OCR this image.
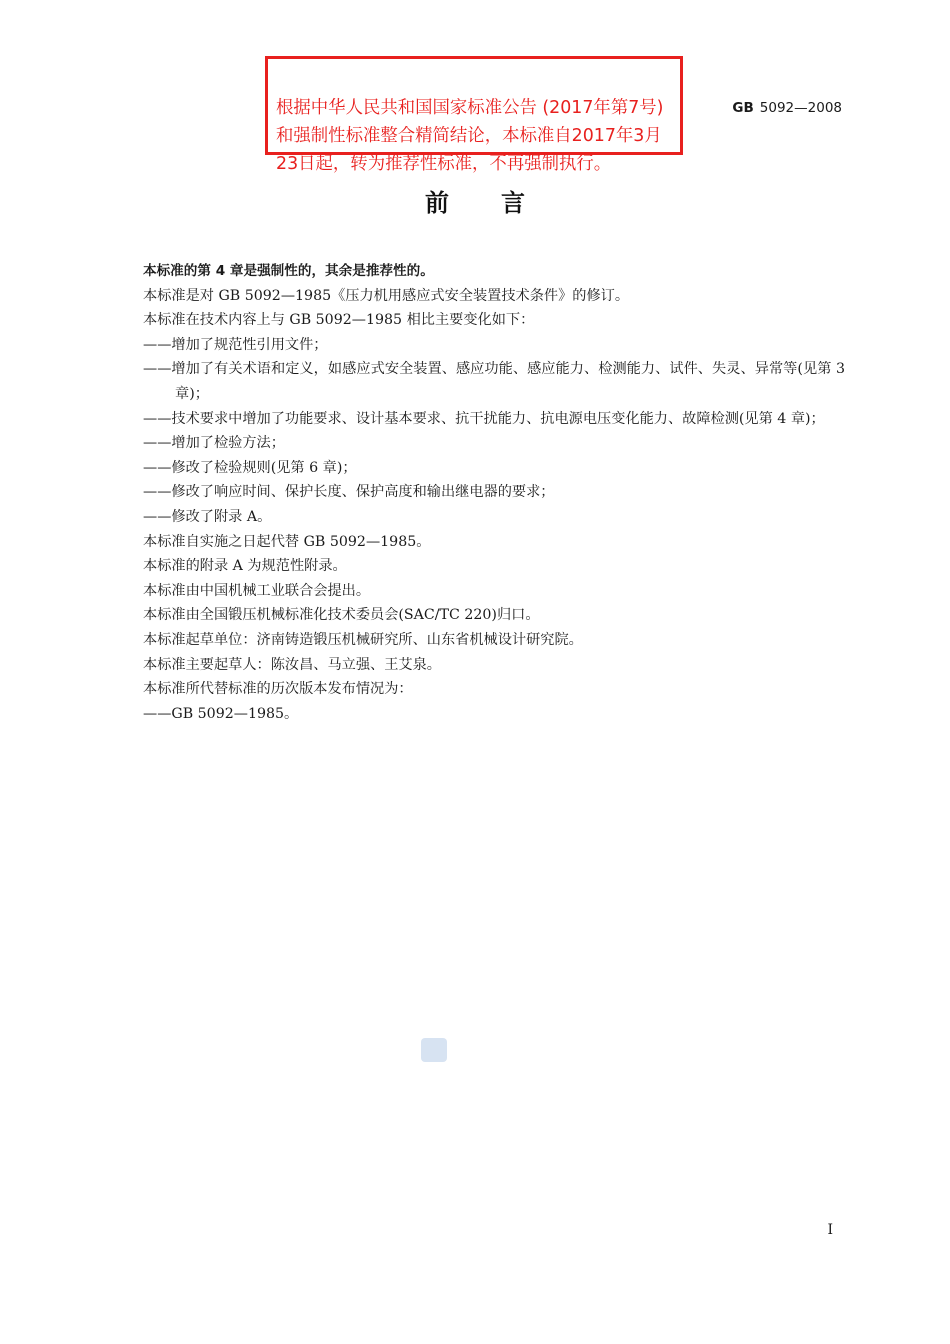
根据中华人民共和国国家标准公告 (2017年第7号) 和强制性标准整合精简结论，本标准自2017年3月23日起，转为推荐性标准，不再强制执行。

GB 5092—2008
前言

本标准的第 4 章是强制性的，其余是推荐性的。

本标准是对 GB 5092—1985《压力机用感应式安全装置技术条件》的修订。

本标准在技术内容上与 GB 5092—1985 相比主要变化如下：

——增加了规范性引用文件；

——增加了有关术语和定义，如感应式安全装置、感应功能、感应能力、检测能力、试件、失灵、异常等(见第 3 章)；

——技术要求中增加了功能要求、设计基本要求、抗干扰能力、抗电源电压变化能力、故障检测(见第 4 章)；

——增加了检验方法；

——修改了检验规则(见第 6 章)；

——修改了响应时间、保护长度、保护高度和输出继电器的要求；

——修改了附录 A。

本标准自实施之日起代替 GB 5092—1985。

本标准的附录 A 为规范性附录。

本标准由中国机械工业联合会提出。

本标准由全国锻压机械标准化技术委员会(SAC/TC 220)归口。

本标准起草单位：济南铸造锻压机械研究所、山东省机械设计研究院。

本标准主要起草人：陈汝昌、马立强、王艾泉。

本标准所代替标准的历次版本发布情况为：

——GB 5092—1985。

I
